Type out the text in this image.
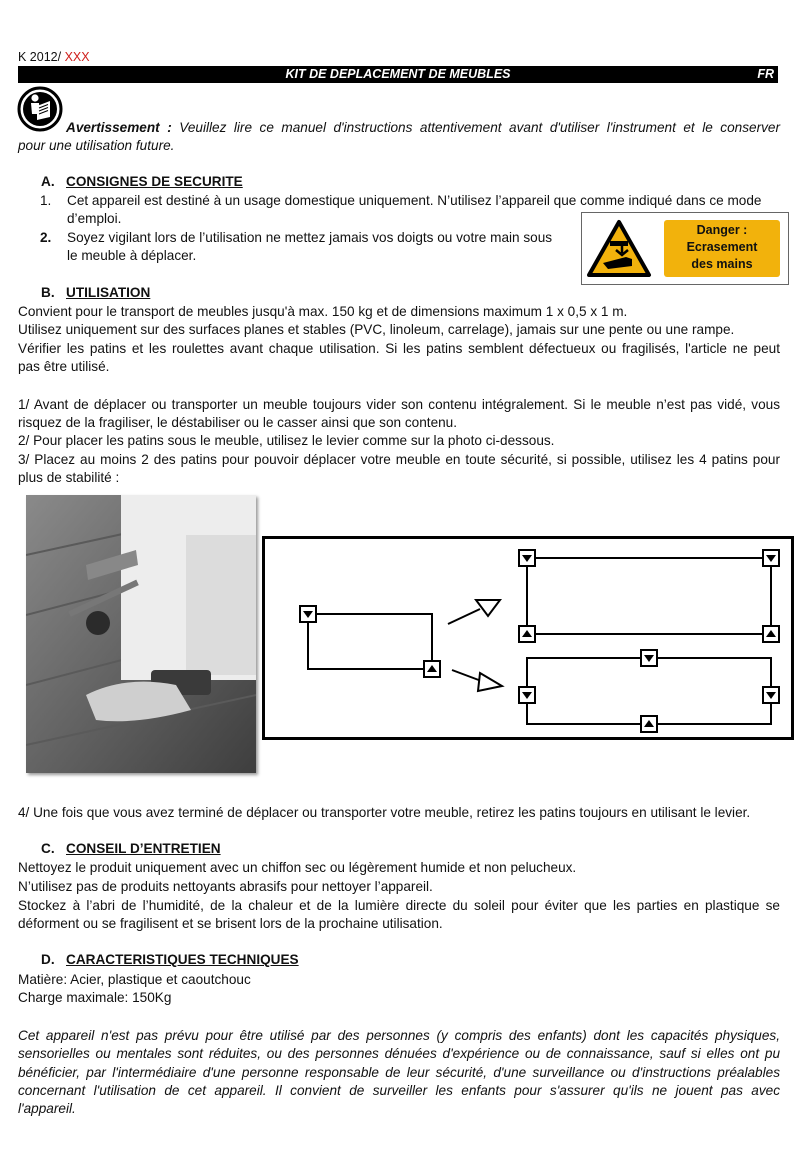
K 2012/ XXX
KIT DE DEPLACEMENT DE MEUBLES	FR
Avertissement : Veuillez lire ce manuel d'instructions attentivement avant d'utiliser l'instrument et le conserver
pour une utilisation future.
A. CONSIGNES DE SECURITE
1. Cet appareil est destiné à un usage domestique uniquement. N’utilisez l’appareil que comme indiqué dans ce mode
d’emploi.
2. Soyez vigilant lors de l’utilisation ne mettez jamais vos doigts ou votre main sous
le meuble à déplacer.
Danger :
Ecrasement
des mains
B. UTILISATION
Convient pour le transport de meubles jusqu'à max. 150 kg et de dimensions maximum 1 x 0,5 x 1 m.
Utilisez uniquement sur des surfaces planes et stables (PVC, linoleum, carrelage), jamais sur une pente ou une rampe.
Vérifier les patins et les roulettes avant chaque utilisation. Si les patins semblent défectueux ou fragilisés, l'article ne peut
pas être utilisé.
1/ Avant de déplacer ou transporter un meuble toujours vider son contenu intégralement. Si le meuble n’est pas vidé, vous
risquez de la fragiliser, le déstabiliser ou le casser ainsi que son contenu.
2/ Pour placer les patins sous le meuble, utilisez le levier comme sur la photo ci-dessous.
3/ Placez au moins 2 des patins pour pouvoir déplacer votre meuble en toute sécurité, si possible, utilisez les 4 patins pour
plus de stabilité :
4/ Une fois que vous avez terminé de déplacer ou transporter votre meuble, retirez les patins toujours en utilisant le levier.
C. CONSEIL D’ENTRETIEN
Nettoyez le produit uniquement avec un chiffon sec ou légèrement humide et non pelucheux.
N’utilisez pas de produits nettoyants abrasifs pour nettoyer l’appareil.
Stockez à l’abri de l’humidité, de la chaleur et de la lumière directe du soleil pour éviter que les parties en plastique se
déforment ou se fragilisent et se brisent lors de la prochaine utilisation.
D. CARACTERISTIQUES TECHNIQUES
Matière: Acier, plastique et caoutchouc
Charge maximale: 150Kg
Cet appareil n'est pas prévu pour être utilisé par des personnes (y compris des enfants) dont les capacités physiques,
sensorielles ou mentales sont réduites, ou des personnes dénuées d'expérience ou de connaissance, sauf si elles ont pu
bénéficier, par l'intermédiaire d'une personne responsable de leur sécurité, d'une surveillance ou d'instructions préalables
concernant l'utilisation de cet appareil. Il convient de surveiller les enfants pour s'assurer qu'ils ne jouent pas avec
l'appareil.
